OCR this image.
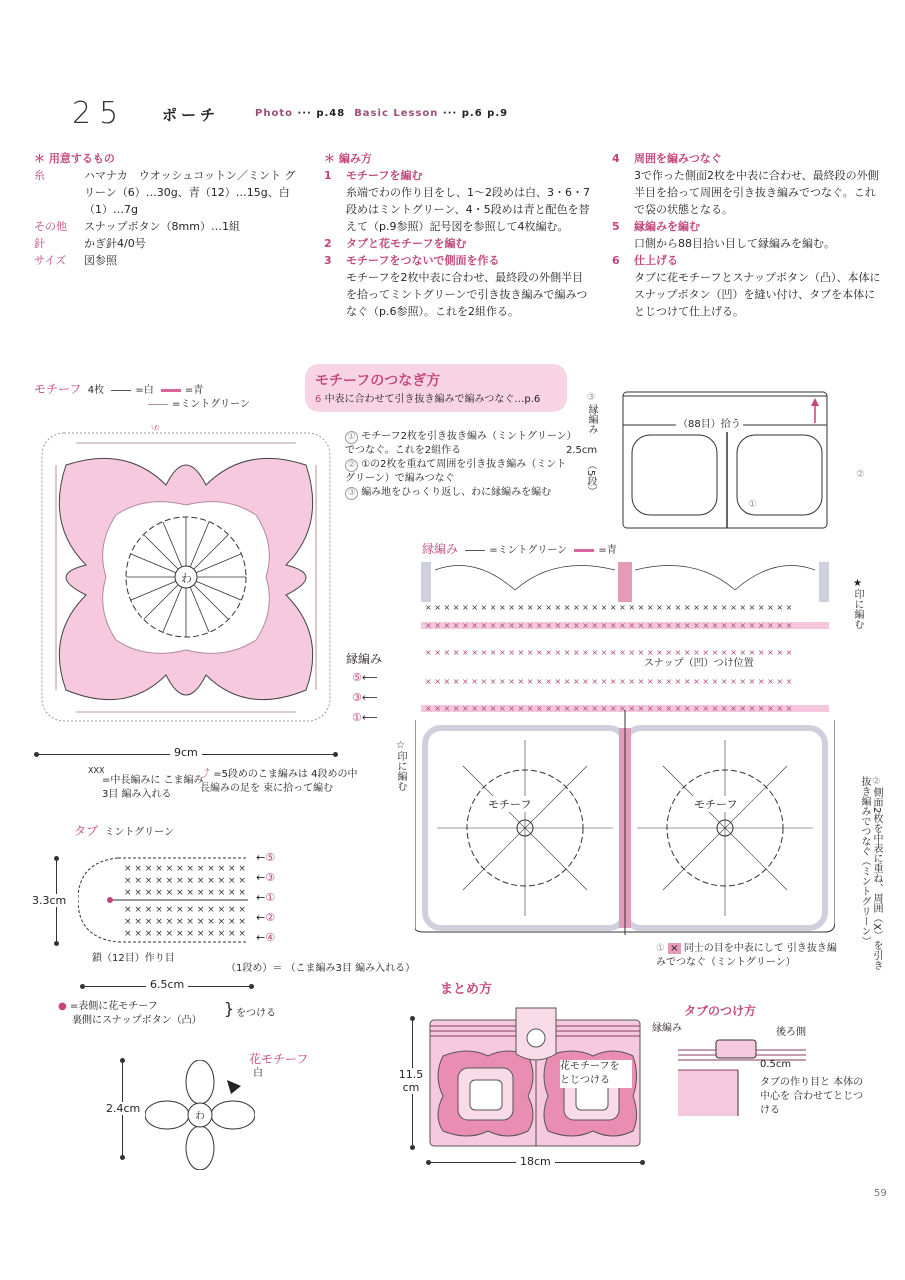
25 ポーチ	Photo ··· p.48 Basic Lesson ··· p.6 p.9
＊ 用意するもの
糸	ハマナカ　ウオッシュコットン／ミント グリーン（6）…30g、青（12）…15g、白（1）…7g
その他	スナップボタン（8mm）…1組
針	かぎ針4/0号
サイズ	図参照
＊ 編み方
1	モチーフを編む
糸端でわの作り目をし、1〜2段めは白、3・6・7段めはミントグリーン、4・5段めは青と配色を替えて（p.9参照）記号図を参照して4枚編む。
2	タブと花モチーフを編む
3	モチーフをつないで側面を作る
モチーフを2枚中表に合わせ、最終段の外側半目を拾ってミントグリーンで引き抜き編みで編みつなぐ（p.6参照）。これを2組作る。
4	周囲を編みつなぐ
3で作った側面2枚を中表に合わせ、最終段の外側半目を拾って周囲を引き抜き編みでつなぐ。これで袋の状態となる。
5	縁編みを編む
口側から88目拾い目して縁編みを編む。
6	仕上げる
タブに花モチーフとスナップボタン（凸）、本体にスナップボタン（凹）を縫い付け、タブを本体にとじつけて仕上げる。
モチーフ 4枚	=白	=青
=ミントグリーン
わ
⑦
9cm
XXX
=中長編みに こま編み3目 編み入れる
⤴ =5段めのこま編みは 4段めの中長編みの足を 束に拾って編む
タブ ミントグリーン
3.3cm
× × × × × × × × × × × ×
× × × × × × × × × × × ×
× × × × × × × × × × × ×
× × × × × × × × × × × ×
× × × × × × × × × × × ×
× × × × × × × × × × × ×
←⑤
←③
←①
←②
←④
鎖（12目）作り目
（1段め）＝ （こま編み3目 編み入れる）
6.5cm
● =表側に花モチーフ
裏側にスナップボタン（凸）
} をつける
花モチーフ
白
2.4cm
わ
モチーフのつなぎ方
6 中表に合わせて引き抜き編みで編みつなぐ…p.6
① モチーフ2枚を引き抜き編み（ミントグリーン）でつなぐ。これを2組作る
② ①の2枚を重ねて周囲を引き抜き編み（ミントグリーン）で編みつなぐ
③ 編み地をひっくり返し、わに縁編みを編む
③
縁編み
2.5cm
（5段）
（88目）拾う
①
②
縁編み	=ミントグリーン	=青
× × × × × × × × × × × × × × × × × × × × × × × × × × × × × × × × × × × × × × × ×
× × × × × × × × × × × × × × × × × × × × × × × × × × × × × × × × × × × × × × × ×
× × × × × × × × × × × × × × × × × × × × × × × × × × × × × × × × × × × × × × × ×
× × × × × × × × × × × × × × × × × × × × × × × × × × × × × × × × × × × × × × × ×
× × × × × × × × × × × × × × × × × × × × × × × × × × × × × × × × × × × × × × × ×
モチーフ	モチーフ
★印に編む
☆印に編む
スナップ（凹）つけ位置
縁編み
⑤⟵
③⟵
①⟵
① × 同士の目を中表にして 引き抜き編みでつなぐ（ミントグリーン）
②側面2枚を中表に重ね、周囲（X）を引き抜き編みでつなぐ（ミントグリーン）
まとめ方
11.5 cm
花モチーフを とじつける
縁編み
18cm
タブのつけ方
後ろ側
0.5cm
タブの作り目と 本体の中心を 合わせてとじつける
59
